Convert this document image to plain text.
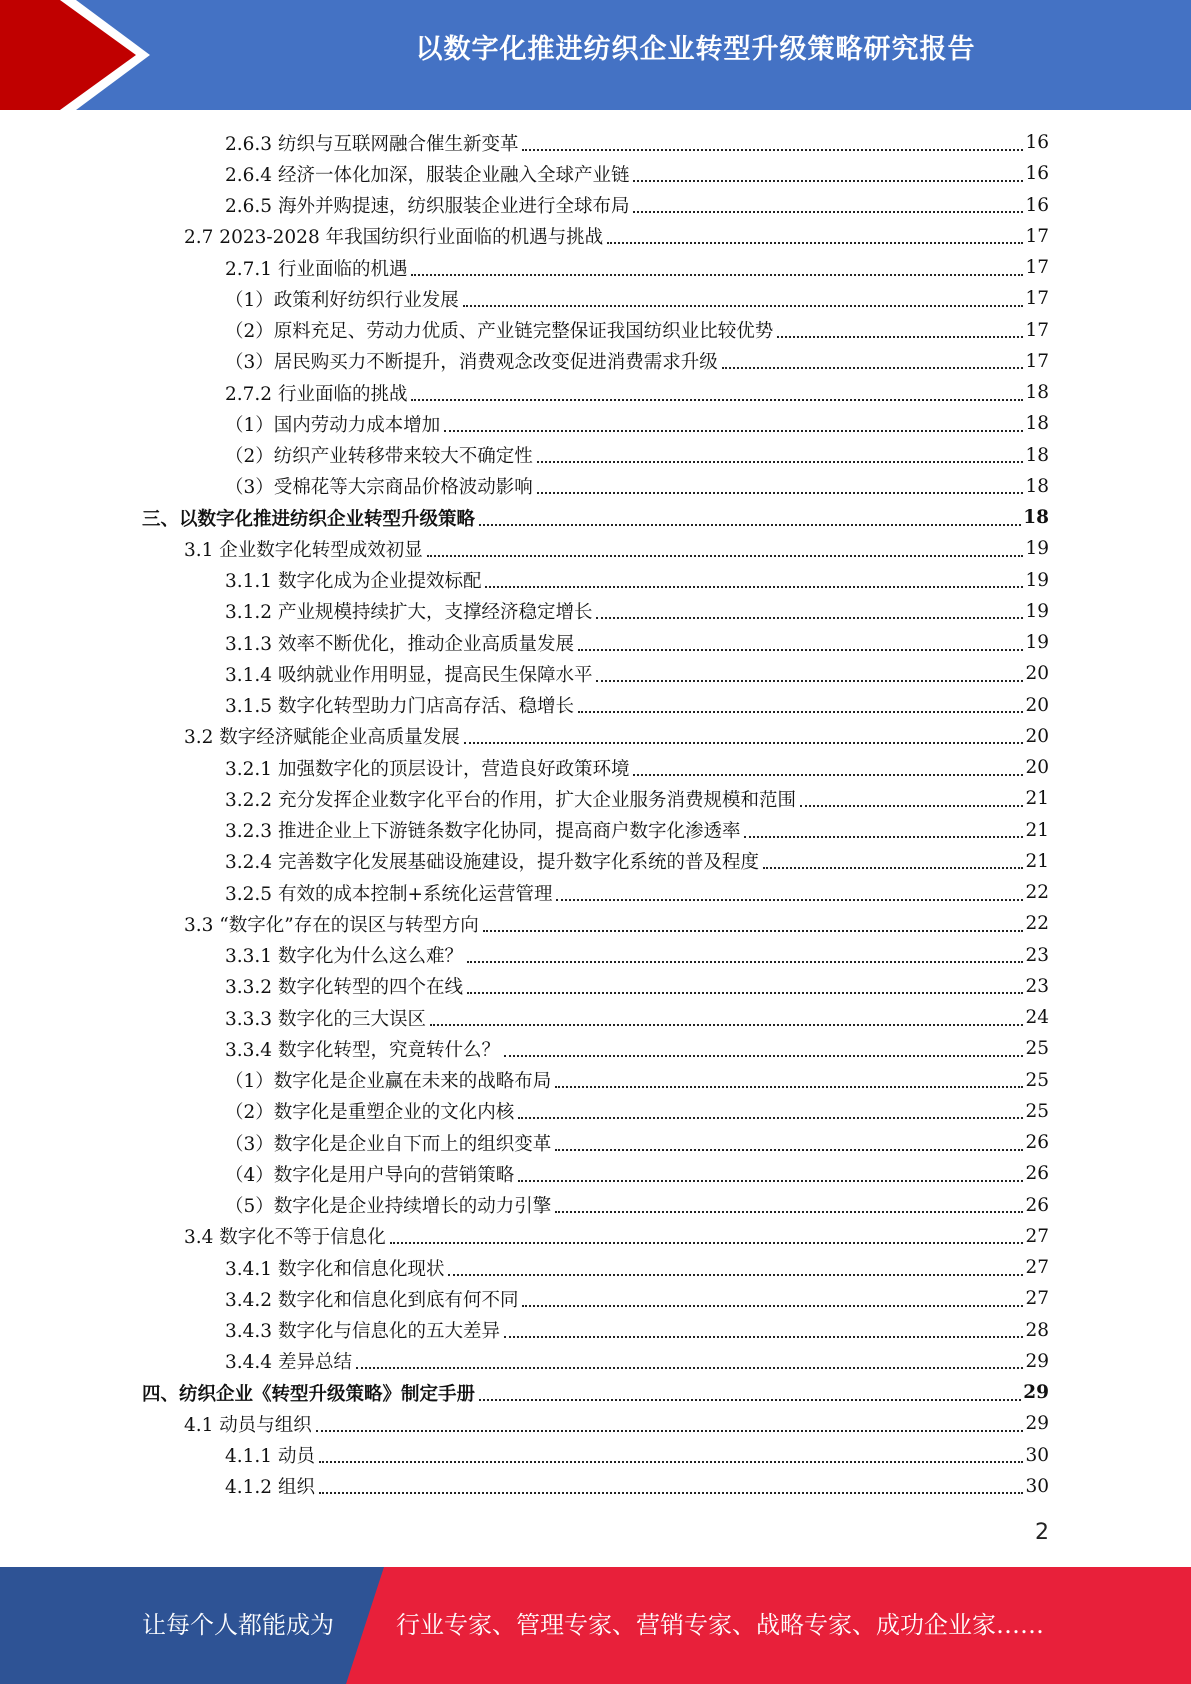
以数字化推进纺织企业转型升级策略研究报告
2.6.3 纺织与互联网融合催生新变革	16
2.6.4 经济一体化加深，服装企业融入全球产业链	16
2.6.5 海外并购提速，纺织服装企业进行全球布局	16
2.7 2023-2028 年我国纺织行业面临的机遇与挑战	17
2.7.1 行业面临的机遇	17
（1）政策利好纺织行业发展	17
（2）原料充足、劳动力优质、产业链完整保证我国纺织业比较优势	17
（3）居民购买力不断提升，消费观念改变促进消费需求升级	17
2.7.2 行业面临的挑战	18
（1）国内劳动力成本增加	18
（2）纺织产业转移带来较大不确定性	18
（3）受棉花等大宗商品价格波动影响	18
三、以数字化推进纺织企业转型升级策略	18
3.1 企业数字化转型成效初显	19
3.1.1 数字化成为企业提效标配	19
3.1.2 产业规模持续扩大，支撑经济稳定增长	19
3.1.3 效率不断优化，推动企业高质量发展	19
3.1.4 吸纳就业作用明显，提高民生保障水平	20
3.1.5 数字化转型助力门店高存活、稳增长	20
3.2 数字经济赋能企业高质量发展	20
3.2.1 加强数字化的顶层设计，营造良好政策环境	20
3.2.2 充分发挥企业数字化平台的作用，扩大企业服务消费规模和范围	21
3.2.3 推进企业上下游链条数字化协同，提高商户数字化渗透率	21
3.2.4 完善数字化发展基础设施建设，提升数字化系统的普及程度	21
3.2.5 有效的成本控制+系统化运营管理	22
3.3 “数字化”存在的误区与转型方向	22
3.3.1 数字化为什么这么难？	23
3.3.2 数字化转型的四个在线	23
3.3.3 数字化的三大误区	24
3.3.4 数字化转型，究竟转什么？	25
（1）数字化是企业赢在未来的战略布局	25
（2）数字化是重塑企业的文化内核	25
（3）数字化是企业自下而上的组织变革	26
（4）数字化是用户导向的营销策略	26
（5）数字化是企业持续增长的动力引擎	26
3.4 数字化不等于信息化	27
3.4.1 数字化和信息化现状	27
3.4.2 数字化和信息化到底有何不同	27
3.4.3 数字化与信息化的五大差异	28
3.4.4 差异总结	29
四、纺织企业《转型升级策略》制定手册	29
4.1 动员与组织	29
4.1.1 动员	30
4.1.2 组织	30
2
让每个人都能成为	行业专家、管理专家、营销专家、战略专家、成功企业家……
